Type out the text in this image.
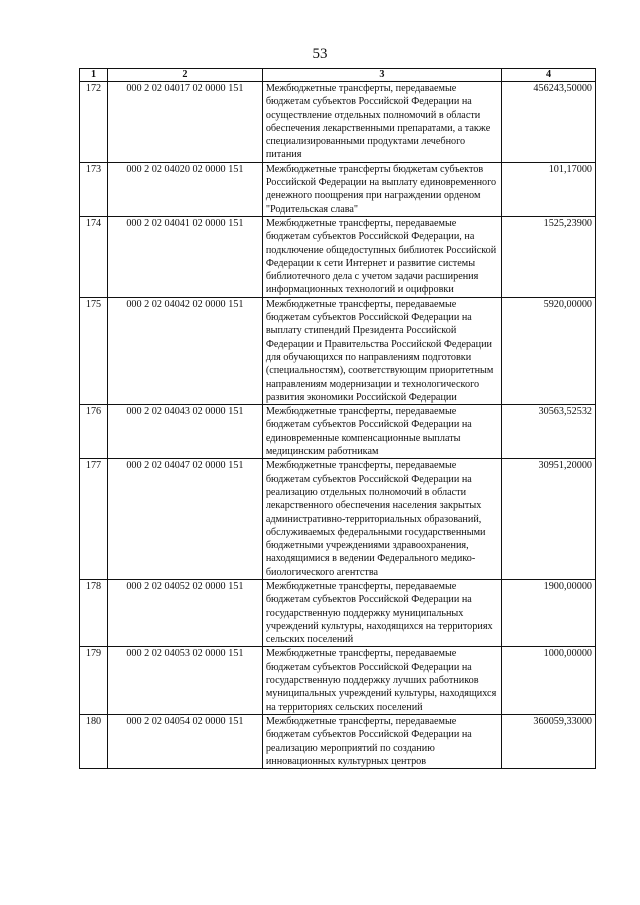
53
1	2	3	4
172	000 2 02 04017 02 0000 151	Межбюджетные трансферты, передаваемые бюджетам субъектов Российской Федерации на осуществление отдельных полномочий в области обеспечения лекарственными препаратами, а также специализированными продуктами лечебного питания	456243,50000
173	000 2 02 04020 02 0000 151	Межбюджетные трансферты бюджетам субъектов Российской Федерации на выплату единовременного денежного поощрения при награждении орденом "Родительская слава"	101,17000
174	000 2 02 04041 02 0000 151	Межбюджетные трансферты, передаваемые бюджетам субъектов Российской Федерации, на подключение общедоступных библиотек Российской Федерации к сети Интернет и развитие системы библиотечного дела с учетом задачи расширения информационных технологий и оцифровки	1525,23900
175	000 2 02 04042 02 0000 151	Межбюджетные трансферты, передаваемые бюджетам субъектов Российской Федерации на выплату стипендий Президента Российской Федерации и Правительства Российской Федерации для обучающихся по направлениям подготовки (специальностям), соответствующим приоритетным направлениям модернизации и технологического развития экономики Российской Федерации	5920,00000
176	000 2 02 04043 02 0000 151	Межбюджетные трансферты, передаваемые бюджетам субъектов Российской Федерации на единовременные компенсационные выплаты медицинским работникам	30563,52532
177	000 2 02 04047 02 0000 151	Межбюджетные трансферты, передаваемые бюджетам субъектов Российской Федерации на реализацию отдельных полномочий в области лекарственного обеспечения населения закрытых административно-территориальных образований, обслуживаемых федеральными государственными бюджетными учреждениями здравоохранения, находящимися в ведении Федерального медико-биологического агентства	30951,20000
178	000 2 02 04052 02 0000 151	Межбюджетные трансферты, передаваемые бюджетам субъектов Российской Федерации на государственную поддержку муниципальных учреждений культуры, находящихся на территориях сельских поселений	1900,00000
179	000 2 02 04053 02 0000 151	Межбюджетные трансферты, передаваемые бюджетам субъектов Российской Федерации на государственную поддержку лучших работников муниципальных учреждений культуры, находящихся на территориях сельских поселений	1000,00000
180	000 2 02 04054 02 0000 151	Межбюджетные трансферты, передаваемые бюджетам субъектов Российской Федерации на реализацию мероприятий по созданию инновационных культурных центров	360059,33000
